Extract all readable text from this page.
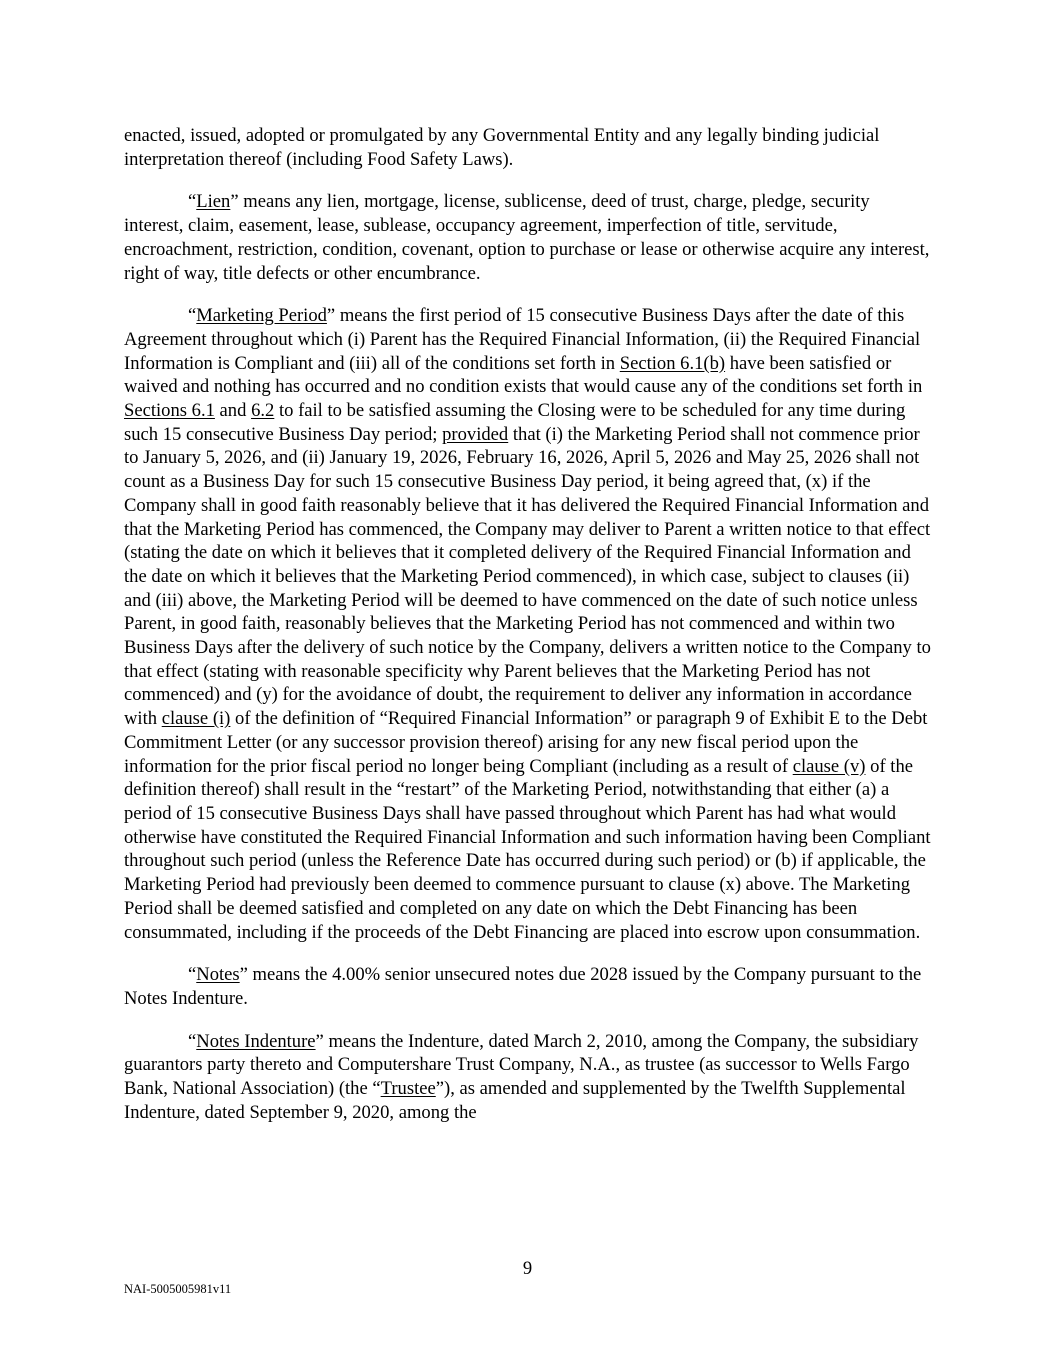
enacted, issued, adopted or promulgated by any Governmental Entity and any legally binding judicial interpretation thereof (including Food Safety Laws).

“Lien” means any lien, mortgage, license, sublicense, deed of trust, charge, pledge, security interest, claim, easement, lease, sublease, occupancy agreement, imperfection of title, servitude, encroachment, restriction, condition, covenant, option to purchase or lease or otherwise acquire any interest, right of way, title defects or other encumbrance.

“Marketing Period” means the first period of 15 consecutive Business Days after the date of this Agreement throughout which (i) Parent has the Required Financial Information, (ii) the Required Financial Information is Compliant and (iii) all of the conditions set forth in Section 6.1(b) have been satisfied or waived and nothing has occurred and no condition exists that would cause any of the conditions set forth in Sections 6.1 and 6.2 to fail to be satisfied assuming the Closing were to be scheduled for any time during such 15 consecutive Business Day period; provided that (i) the Marketing Period shall not commence prior to January 5, 2026, and (ii) January 19, 2026, February 16, 2026, April 5, 2026 and May 25, 2026 shall not count as a Business Day for such 15 consecutive Business Day period, it being agreed that, (x) if the Company shall in good faith reasonably believe that it has delivered the Required Financial Information and that the Marketing Period has commenced, the Company may deliver to Parent a written notice to that effect (stating the date on which it believes that it completed delivery of the Required Financial Information and the date on which it believes that the Marketing Period commenced), in which case, subject to clauses (ii) and (iii) above, the Marketing Period will be deemed to have commenced on the date of such notice unless Parent, in good faith, reasonably believes that the Marketing Period has not commenced and within two Business Days after the delivery of such notice by the Company, delivers a written notice to the Company to that effect (stating with reasonable specificity why Parent believes that the Marketing Period has not commenced) and (y) for the avoidance of doubt, the requirement to deliver any information in accordance with clause (i) of the definition of “Required Financial Information” or paragraph 9 of Exhibit E to the Debt Commitment Letter (or any successor provision thereof) arising for any new fiscal period upon the information for the prior fiscal period no longer being Compliant (including as a result of clause (v) of the definition thereof) shall result in the “restart” of the Marketing Period, notwithstanding that either (a) a period of 15 consecutive Business Days shall have passed throughout which Parent has had what would otherwise have constituted the Required Financial Information and such information having been Compliant throughout such period (unless the Reference Date has occurred during such period) or (b) if applicable, the Marketing Period had previously been deemed to commence pursuant to clause (x) above. The Marketing Period shall be deemed satisfied and completed on any date on which the Debt Financing has been consummated, including if the proceeds of the Debt Financing are placed into escrow upon consummation.

“Notes” means the 4.00% senior unsecured notes due 2028 issued by the Company pursuant to the Notes Indenture.

“Notes Indenture” means the Indenture, dated March 2, 2010, among the Company, the subsidiary guarantors party thereto and Computershare Trust Company, N.A., as trustee (as successor to Wells Fargo Bank, National Association) (the “Trustee”), as amended and supplemented by the Twelfth Supplemental Indenture, dated September 9, 2020, among the

9
NAI-5005005981v11
